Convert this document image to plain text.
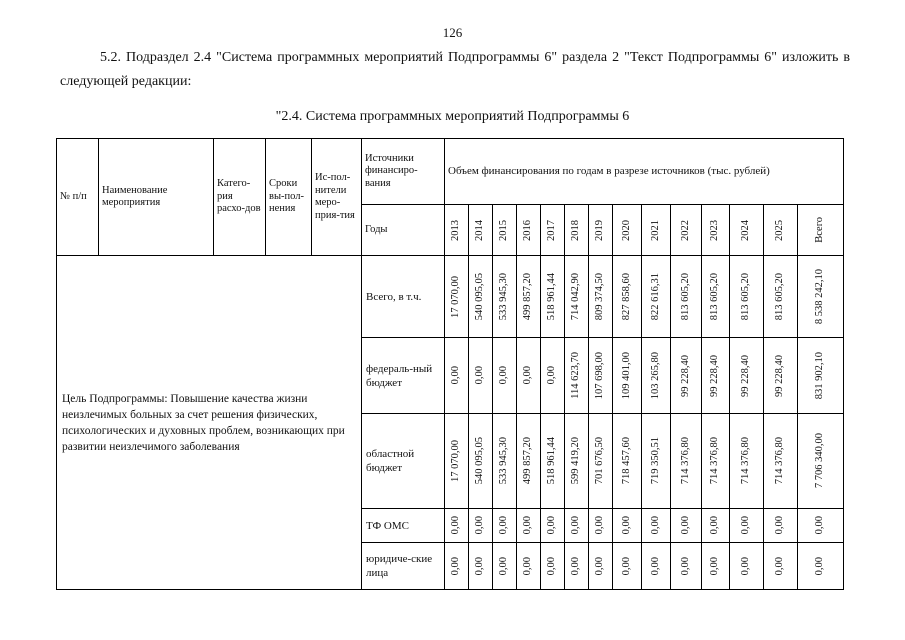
126
5.2. Подраздел 2.4 "Система программных мероприятий Подпрограммы 6" раздела 2 "Текст Подпрограммы 6" изложить в следующей редакции:
"2.4. Система программных мероприятий Подпрограммы 6
№ п/п	Наименование мероприятия	Катего-рия расхо-дов	Сроки вы-пол-нения	Ис-пол-нители меро-прия-тия	Источники финансиро-вания	Объем финансирования по годам в разрезе источников (тыс. рублей)													
					Годы	2013	2014	2015	2016	2017	2018	2019	2020	2021	2022	2023	2024	2025	Всего

Цель Подпрограммы: Повышение качества жизни неизлечимых больных за счет решения физических, психологических и духовных проблем, возникающих при развитии неизлечимого заболевания					Всего, в т.ч.	17 070,00	540 095,05	533 945,30	499 857,20	518 961,44	714 042,90	809 374,50	827 858,60	822 616,31	813 605,20	813 605,20	813 605,20	813 605,20	8 538 242,10

					федераль-ный бюджет	0,00	0,00	0,00	0,00	0,00	114 623,70	107 698,00	109 401,00	103 265,80	99 228,40	99 228,40	99 228,40	99 228,40	831 902,10

					областной бюджет	17 070,00	540 095,05	533 945,30	499 857,20	518 961,44	599 419,20	701 676,50	718 457,60	719 350,51	714 376,80	714 376,80	714 376,80	714 376,80	7 706 340,00

					ТФ ОМС	0,00	0,00	0,00	0,00	0,00	0,00	0,00	0,00	0,00	0,00	0,00	0,00	0,00	0,00

					юридиче-ские лица	0,00	0,00	0,00	0,00	0,00	0,00	0,00	0,00	0,00	0,00	0,00	0,00	0,00	0,00
